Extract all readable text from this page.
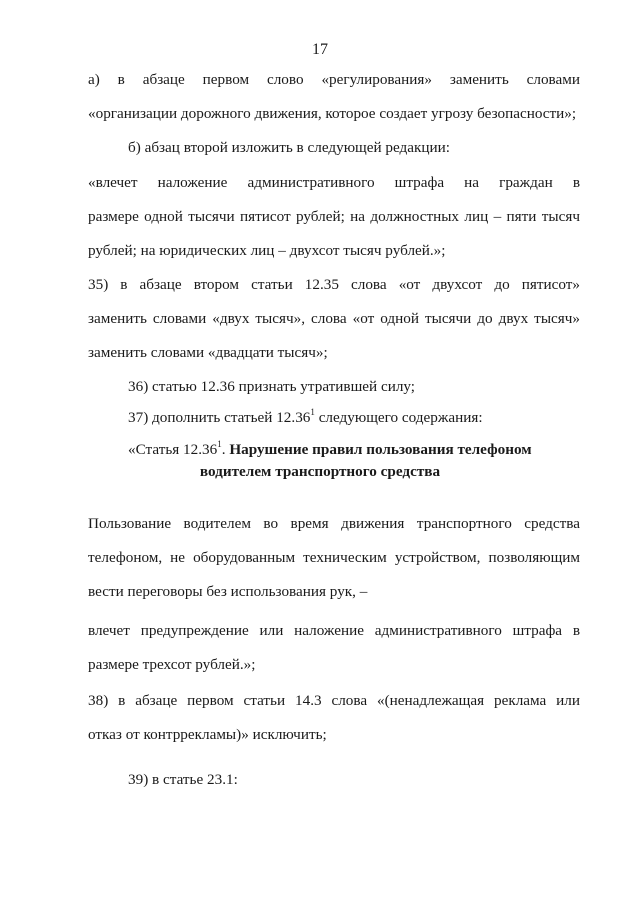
17
а) в абзаце первом слово «регулирования» заменить словами
«организации дорожного движения, которое создает угрозу безопасности»;
б) абзац второй изложить в следующей редакции:
«влечет наложение административного штрафа на граждан в
размере одной тысячи пятисот рублей; на должностных лиц – пяти тысяч
рублей; на юридических лиц – двухсот тысяч рублей.»;
35) в абзаце втором статьи 12.35 слова «от двухсот до пятисот»
заменить словами «двух тысяч», слова «от одной тысячи до двух тысяч»
заменить словами «двадцати тысяч»;
36) статью 12.36 признать утратившей силу;
37) дополнить статьей 12.36$^1$ следующего содержания:
«Статья 12.36$^1$. Нарушение правил пользования телефоном
водителем транспортного средства
Пользование водителем во время движения транспортного средства
телефоном, не оборудованным техническим устройством, позволяющим
вести переговоры без использования рук, –
влечет предупреждение или наложение административного штрафа в
размере трехсот рублей.»;
38) в абзаце первом статьи 14.3 слова «(ненадлежащая реклама или
отказ от контррекламы)» исключить;
39) в статье 23.1:
